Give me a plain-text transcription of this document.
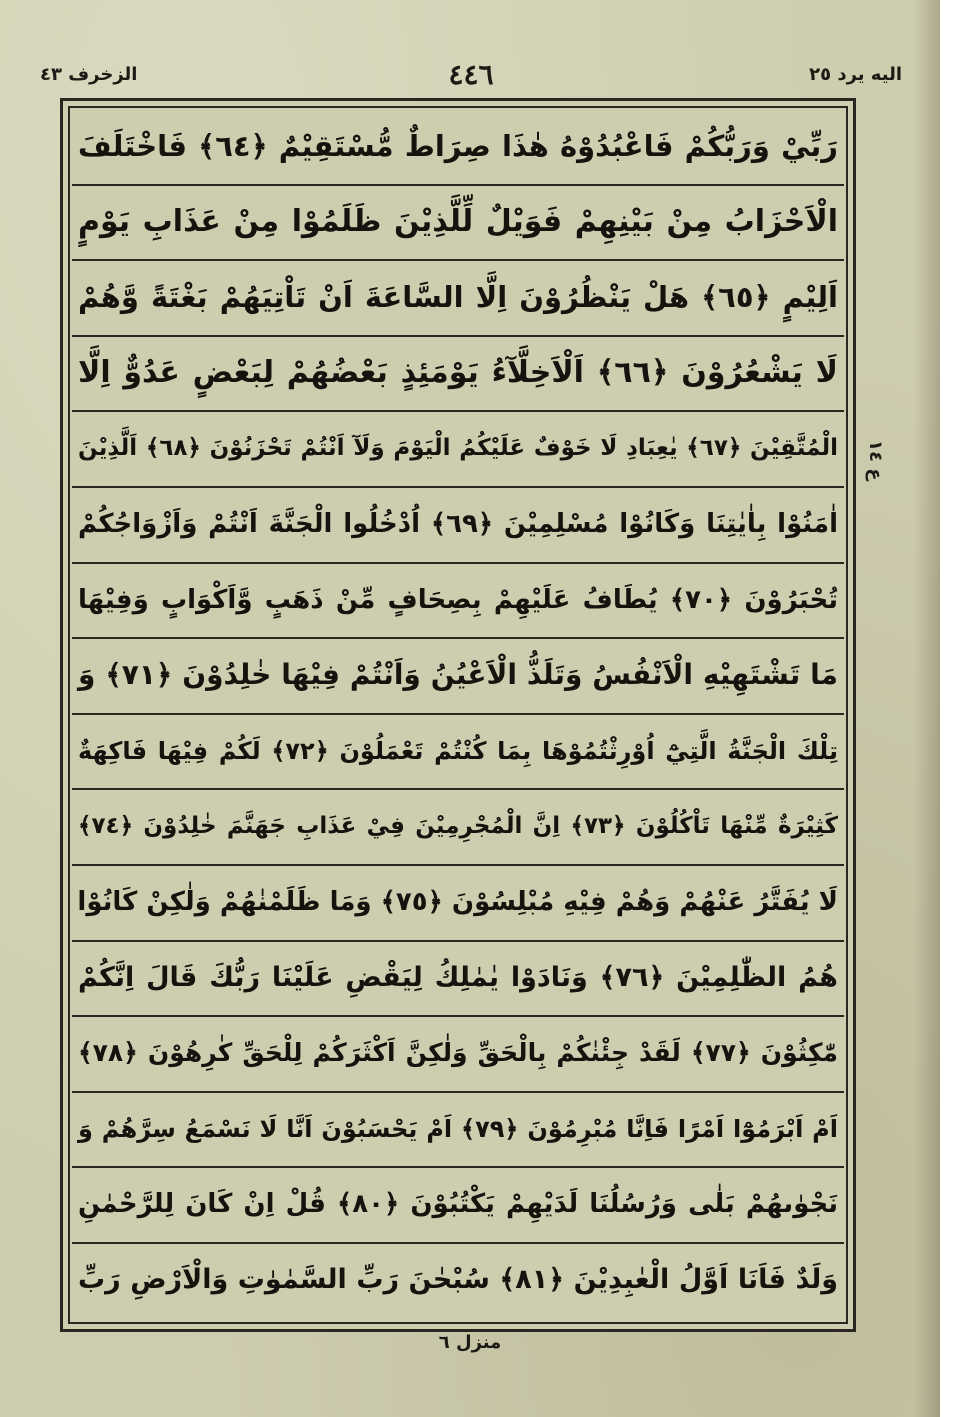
اليه يرد ٢٥
٤٤٦
الزخرف ٤٣
رَبِّيْ وَرَبُّكُمْ فَاعْبُدُوْهُ هٰذَا صِرَاطٌ مُّسْتَقِيْمٌ ﴿٦٤﴾ فَاخْتَلَفَ
الْاَحْزَابُ مِنْ بَيْنِهِمْ فَوَيْلٌ لِّلَّذِيْنَ ظَلَمُوْا مِنْ عَذَابِ يَوْمٍ
اَلِيْمٍ ﴿٦٥﴾ هَلْ يَنْظُرُوْنَ اِلَّا السَّاعَةَ اَنْ تَاْتِيَهُمْ بَغْتَةً وَّهُمْ
لَا يَشْعُرُوْنَ ﴿٦٦﴾ اَلْاَخِلَّآءُ يَوْمَئِذٍ بَعْضُهُمْ لِبَعْضٍ عَدُوٌّ اِلَّا
الْمُتَّقِيْنَ ﴿٦٧﴾ يٰعِبَادِ لَا خَوْفٌ عَلَيْكُمُ الْيَوْمَ وَلَآ اَنْتُمْ تَحْزَنُوْنَ ﴿٦٨﴾ اَلَّذِيْنَ
اٰمَنُوْا بِاٰيٰتِنَا وَكَانُوْا مُسْلِمِيْنَ ﴿٦٩﴾ اُدْخُلُوا الْجَنَّةَ اَنْتُمْ وَاَزْوَاجُكُمْ
تُحْبَرُوْنَ ﴿٧٠﴾ يُطَافُ عَلَيْهِمْ بِصِحَافٍ مِّنْ ذَهَبٍ وَّاَكْوَابٍ وَفِيْهَا
مَا تَشْتَهِيْهِ الْاَنْفُسُ وَتَلَذُّ الْاَعْيُنُ وَاَنْتُمْ فِيْهَا خٰلِدُوْنَ ﴿٧١﴾ وَ
تِلْكَ الْجَنَّةُ الَّتِيْٓ اُوْرِثْتُمُوْهَا بِمَا كُنْتُمْ تَعْمَلُوْنَ ﴿٧٢﴾ لَكُمْ فِيْهَا فَاكِهَةٌ
كَثِيْرَةٌ مِّنْهَا تَاْكُلُوْنَ ﴿٧٣﴾ اِنَّ الْمُجْرِمِيْنَ فِيْ عَذَابِ جَهَنَّمَ خٰلِدُوْنَ ﴿٧٤﴾
لَا يُفَتَّرُ عَنْهُمْ وَهُمْ فِيْهِ مُبْلِسُوْنَ ﴿٧٥﴾ وَمَا ظَلَمْنٰهُمْ وَلٰكِنْ كَانُوْا
هُمُ الظّٰلِمِيْنَ ﴿٧٦﴾ وَنَادَوْا يٰمٰلِكُ لِيَقْضِ عَلَيْنَا رَبُّكَ قَالَ اِنَّكُمْ
مّٰكِثُوْنَ ﴿٧٧﴾ لَقَدْ جِئْنٰكُمْ بِالْحَقِّ وَلٰكِنَّ اَكْثَرَكُمْ لِلْحَقِّ كٰرِهُوْنَ ﴿٧٨﴾
اَمْ اَبْرَمُوْٓا اَمْرًا فَاِنَّا مُبْرِمُوْنَ ﴿٧٩﴾ اَمْ يَحْسَبُوْنَ اَنَّا لَا نَسْمَعُ سِرَّهُمْ وَ
نَجْوٰىهُمْ بَلٰى وَرُسُلُنَا لَدَيْهِمْ يَكْتُبُوْنَ ﴿٨٠﴾ قُلْ اِنْ كَانَ لِلرَّحْمٰنِ
وَلَدٌ فَاَنَا اَوَّلُ الْعٰبِدِيْنَ ﴿٨١﴾ سُبْحٰنَ رَبِّ السَّمٰوٰتِ وَالْاَرْضِ رَبِّ
ع ١٤
منزل ٦
